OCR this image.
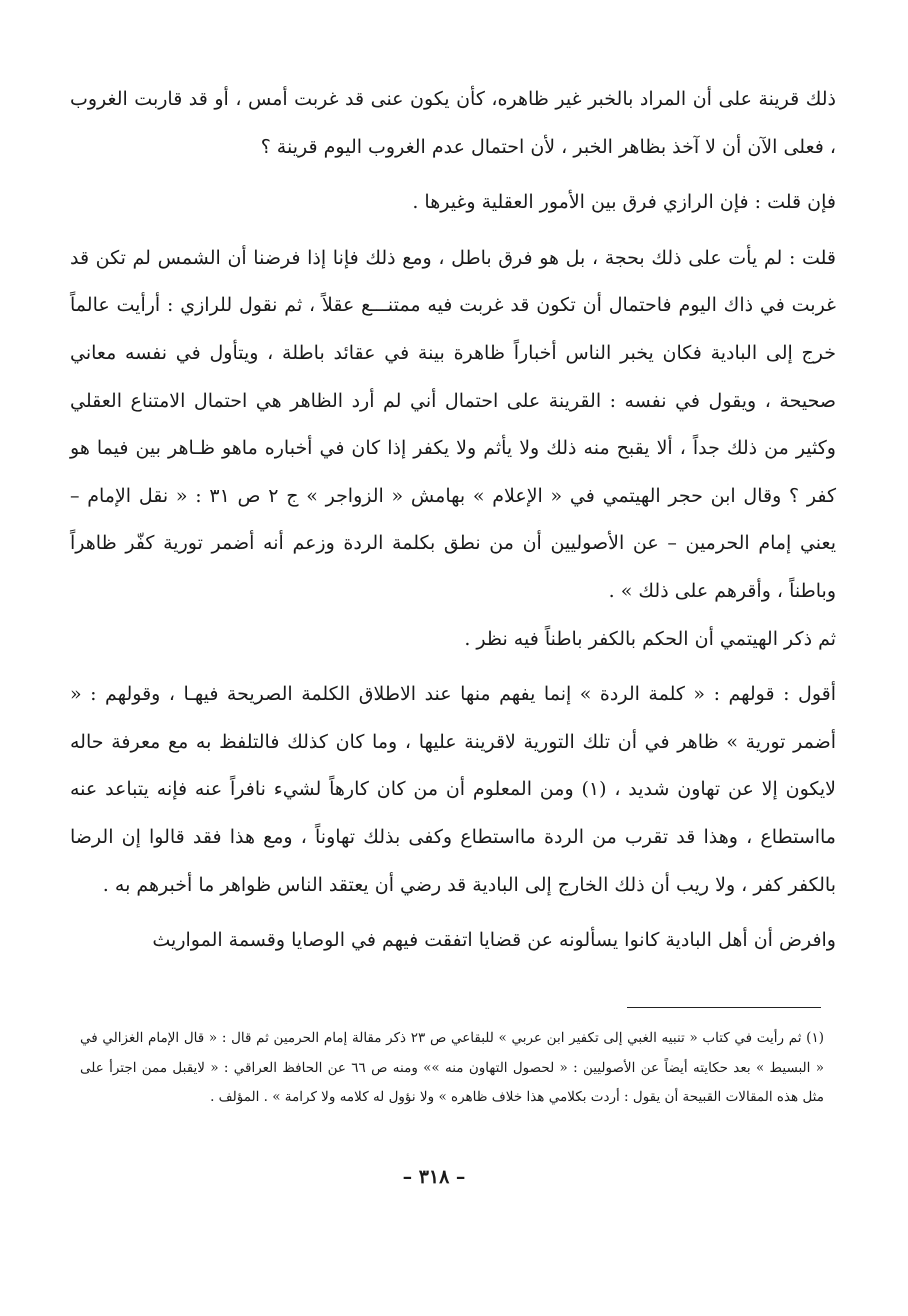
ذلك قرينة على أن المراد بالخبر غير ظاهره، كأن يكون عنى قد غربت أمس ، أو قد قاربت الغروب ، فعلى الآن أن لا آخذ بظاهر الخبر ، لأن احتمال عدم الغروب اليوم قرينة ؟

فإن قلت : فإن الرازي فرق بين الأمور العقلية وغيرها .

قلت : لم يأت على ذلك بحجة ، بل هو فرق باطل ، ومع ذلك فإنا إذا فرضنا أن الشمس لم تكن قد غربت في ذاك اليوم فاحتمال أن تكون قد غربت فيه ممتنـــع عقلاً ، ثم نقول للرازي : أرأيت عالماً خرج إلى البادية فكان يخبر الناس أخباراً ظاهرة بينة في عقائد باطلة ، ويتأول في نفسه معاني صحيحة ، ويقول في نفسه : القرينة على احتمال أني لم أرد الظاهر هي احتمال الامتناع العقلي وكثير من ذلك جداً ، ألا يقبح منه ذلك ولا يأثم ولا يكفر إذا كان في أخباره ماهو ظـاهر بين فيما هو كفر ؟ وقال ابن حجر الهيتمي في « الإعلام » بهامش « الزواجر » ج ٢ ص ٣١ : « نقل الإمام – يعني إمام الحرمين – عن الأصوليين أن من نطق بكلمة الردة وزعم أنه أضمر تورية كفّر ظاهراً وباطناً ، وأقرهم على ذلك » .

ثم ذكر الهيتمي أن الحكم بالكفر باطناً فيه نظر .

أقول : قولهم : « كلمة الردة » إنما يفهم منها عند الاطلاق الكلمة الصريحة فيهـا ، وقولهم : « أضمر تورية » ظاهر في أن تلك التورية لاقرينة عليها ، وما كان كذلك فالتلفظ به مع معرفة حاله لايكون إلا عن تهاون شديد ، (١) ومن المعلوم أن من كان كارهاً لشيء نافراً عنه فإنه يتباعد عنه مااستطاع ، وهذا قد تقرب من الردة مااستطاع وكفى بذلك تهاوناً ، ومع هذا فقد قالوا إن الرضا بالكفر كفر ، ولا ريب أن ذلك الخارج إلى البادية قد رضي أن يعتقد الناس ظواهر ما أخبرهم به .

وافرض أن أهل البادية كانوا يسألونه عن قضايا اتفقت فيهم في الوصايا وقسمة المواريث

(١) ثم رأيت في كتاب « تنبيه الغبي إلى تكفير ابن عربي » للبقاعي ص ٢٣ ذكر مقالة إمام الحرمين ثم قال : « قال الإمام الغزالي في « البسيط » بعد حكايته أيضاً عن الأصوليين : « لحصول التهاون منه »» ومنه ص ٦٦ عن الحافظ العراقي : « لايقبل ممن اجترأ على مثل هذه المقالات القبيحة أن يقول : أردت بكلامي هذا خلاف ظاهره » ولا نؤول له كلامه ولا كرامة » . المؤلف .

– ٣١٨ –
